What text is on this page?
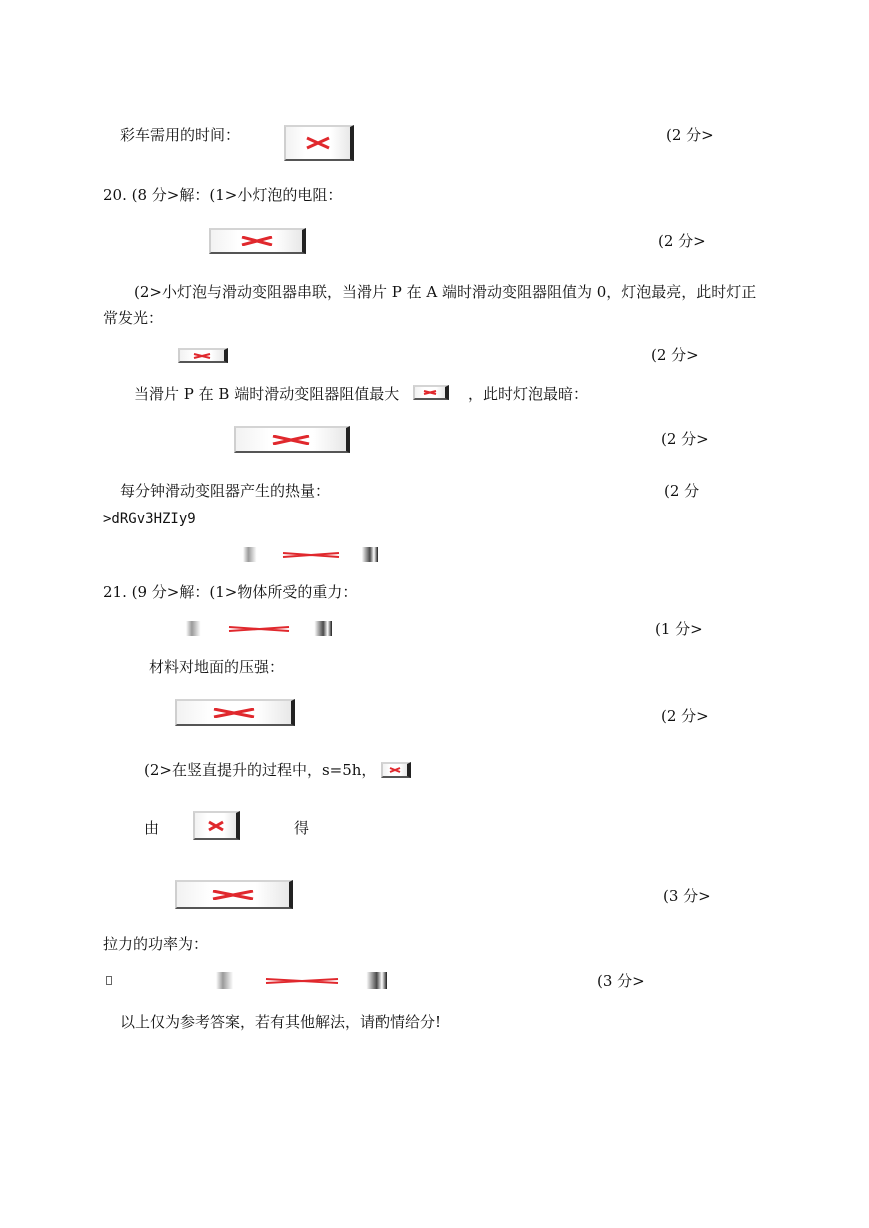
彩车需用的时间：	(2 分>
20. (8 分>解：(1>小灯泡的电阻：
(2 分>
(2>小灯泡与滑动变阻器串联，当滑片 P 在 A 端时滑动变阻器阻值为 0，灯泡最亮，此时灯正
常发光：
(2 分>
当滑片 P 在 B 端时滑动变阻器阻值最大	，此时灯泡最暗：
(2 分>
每分钟滑动变阻器产生的热量：	(2 分
>dRGv3HZIy9
21. (9 分>解：(1>物体所受的重力：
(1 分>
材料对地面的压强：
(2 分>
(2>在竖直提升的过程中，s=5h，
由	得
(3 分>
拉力的功率为：
(3 分>
以上仅为参考答案，若有其他解法，请酌情给分!
